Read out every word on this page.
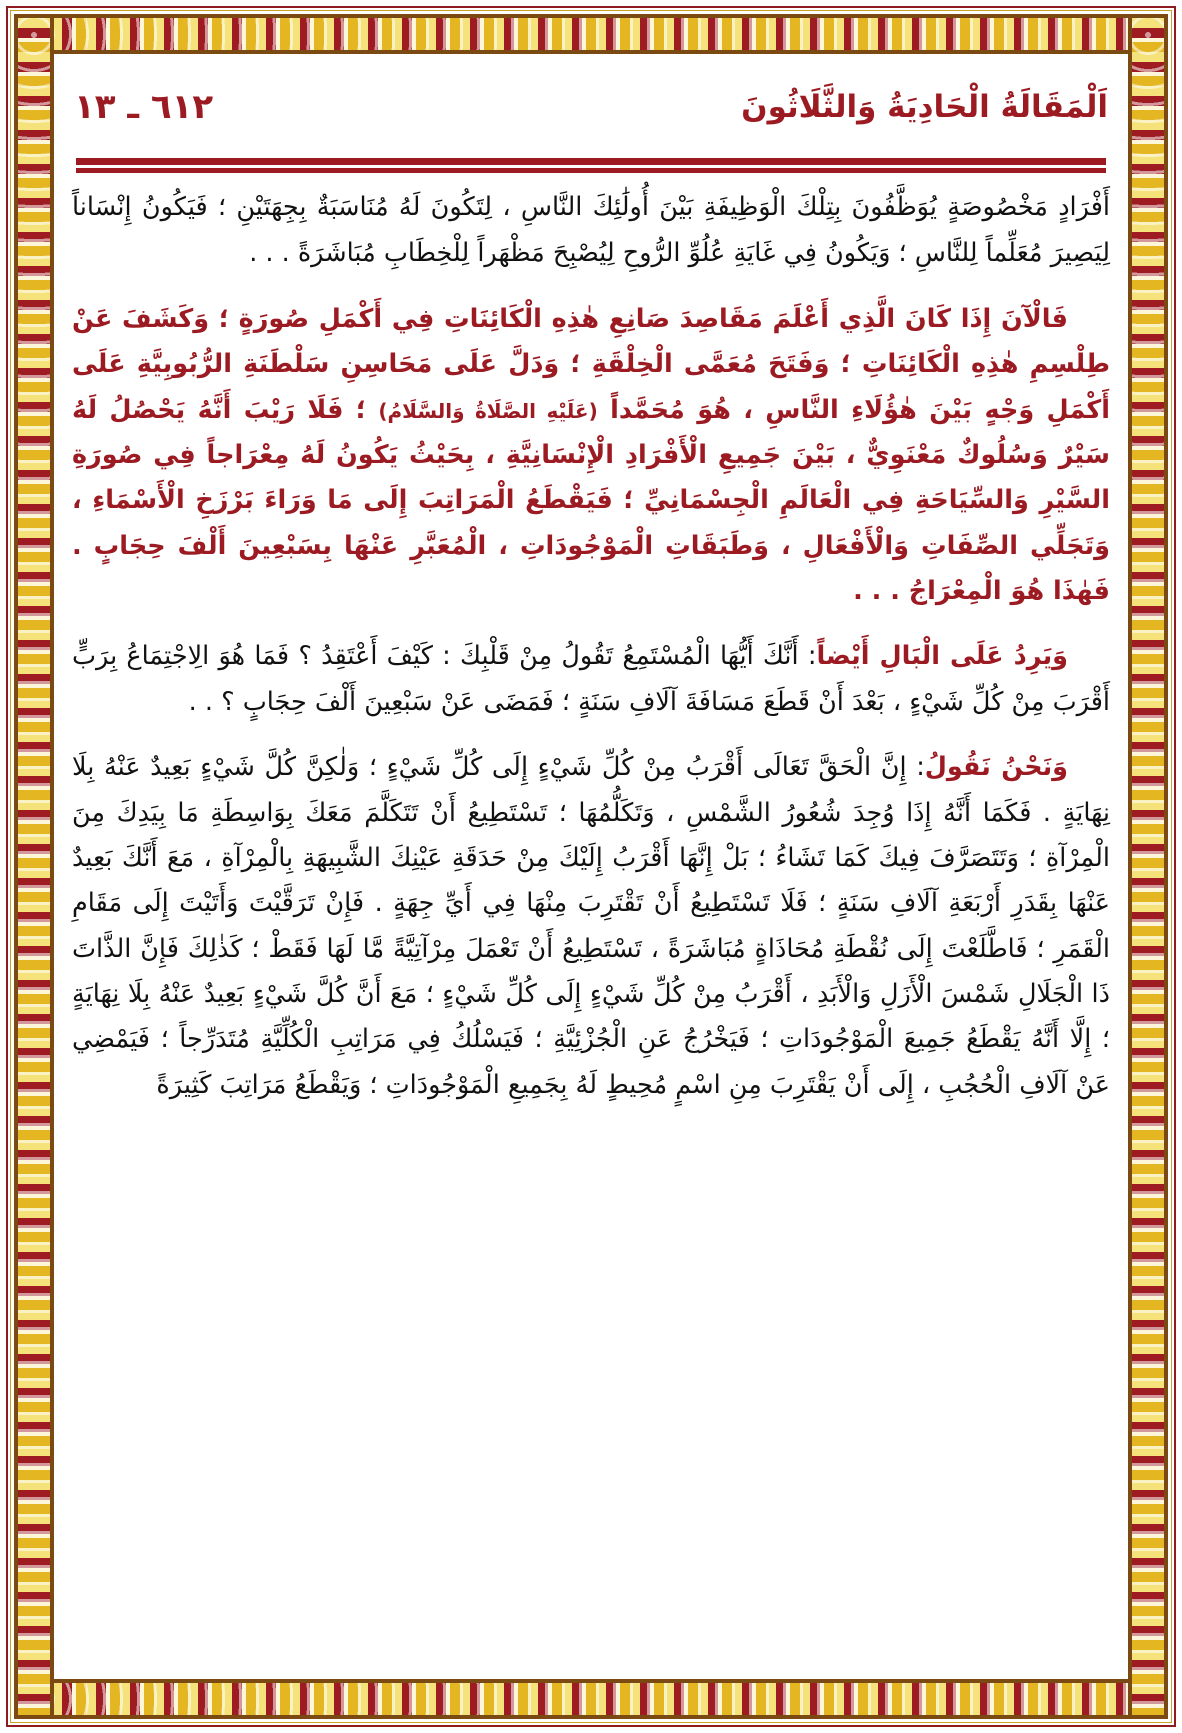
اَلْمَقَالَةُ الْحَادِيَةُ وَالثَّلَاثُونَ
٦١٢ ـ ١٣

أَفْرَادٍ مَخْصُوصَةٍ يُوَظَّفُونَ بِتِلْكَ الْوَظِيفَةِ بَيْنَ أُولَٰئِكَ النَّاسِ ، لِتَكُونَ لَهُ مُنَاسَبَةٌ بِجِهَتَيْنِ ؛ فَيَكُونُ إِنْسَاناً لِيَصِيرَ مُعَلِّماً لِلنَّاسِ ؛ وَيَكُونُ فِي غَايَةِ عُلُوِّ الرُّوحِ لِيُصْبِحَ مَظْهَراً لِلْخِطَابِ مُبَاشَرَةً . . .

فَالْآنَ إِذَا كَانَ الَّذِي أَعْلَمَ مَقَاصِدَ صَانِعِ هٰذِهِ الْكَائِنَاتِ فِي أَكْمَلِ صُورَةٍ ؛ وَكَشَفَ عَنْ طِلْسِمِ هٰذِهِ الْكَائِنَاتِ ؛ وَفَتَحَ مُعَمَّى الْخِلْقَةِ ؛ وَدَلَّ عَلَى مَحَاسِنِ سَلْطَنَةِ الرُّبُوبِيَّةِ عَلَى أَكْمَلِ وَجْهٍ بَيْنَ هٰؤُلَاءِ النَّاسِ ، هُوَ مُحَمَّداً (عَلَيْهِ الصَّلَاةُ وَالسَّلَامُ) ؛ فَلَا رَيْبَ أَنَّهُ يَحْصُلُ لَهُ سَيْرٌ وَسُلُوكٌ مَعْنَوِيٌّ ، بَيْنَ جَمِيعِ الْأَفْرَادِ الْإِنْسَانِيَّةِ ، بِحَيْثُ يَكُونُ لَهُ مِعْرَاجاً فِي صُورَةِ السَّيْرِ وَالسِّيَاحَةِ فِي الْعَالَمِ الْجِسْمَانِيِّ ؛ فَيَقْطَعُ الْمَرَاتِبَ إِلَى مَا وَرَاءَ بَرْزَخِ الْأَسْمَاءِ ، وَتَجَلِّي الصِّفَاتِ وَالْأَفْعَالِ ، وَطَبَقَاتِ الْمَوْجُودَاتِ ، الْمُعَبَّرِ عَنْهَا بِسَبْعِينَ أَلْفَ حِجَابٍ . فَهٰذَا هُوَ الْمِعْرَاجُ . . .

وَيَرِدُ عَلَى الْبَالِ أَيْضاً: أَنَّكَ أَيُّهَا الْمُسْتَمِعُ تَقُولُ مِنْ قَلْبِكَ : كَيْفَ أَعْتَقِدُ ؟ فَمَا هُوَ الِاجْتِمَاعُ بِرَبٍّ أَقْرَبَ مِنْ كُلِّ شَيْءٍ ، بَعْدَ أَنْ قَطَعَ مَسَافَةَ آلَافِ سَنَةٍ ؛ فَمَضَى عَنْ سَبْعِينَ أَلْفَ حِجَابٍ ؟ . .

وَنَحْنُ نَقُولُ: إِنَّ الْحَقَّ تَعَالَى أَقْرَبُ مِنْ كُلِّ شَيْءٍ إِلَى كُلِّ شَيْءٍ ؛ وَلٰكِنَّ كُلَّ شَيْءٍ بَعِيدٌ عَنْهُ بِلَا نِهَايَةٍ . فَكَمَا أَنَّهُ إِذَا وُجِدَ شُعُورُ الشَّمْسِ ، وَتَكَلُّمُهَا ؛ تَسْتَطِيعُ أَنْ تَتَكَلَّمَ مَعَكَ بِوَاسِطَةِ مَا بِيَدِكَ مِنَ الْمِرْآةِ ؛ وَتَتَصَرَّفَ فِيكَ كَمَا تَشَاءُ ؛ بَلْ إِنَّهَا أَقْرَبُ إِلَيْكَ مِنْ حَدَقَةِ عَيْنِكَ الشَّبِيهَةِ بِالْمِرْآةِ ، مَعَ أَنَّكَ بَعِيدٌ عَنْهَا بِقَدَرِ أَرْبَعَةِ آلَافِ سَنَةٍ ؛ فَلَا تَسْتَطِيعُ أَنْ تَقْتَرِبَ مِنْهَا فِي أَيِّ جِهَةٍ . فَإِنْ تَرَقَّيْتَ وَأَتَيْتَ إِلَى مَقَامِ الْقَمَرِ ؛ فَاطَّلَعْتَ إِلَى نُقْطَةِ مُحَاذَاةٍ مُبَاشَرَةً ، تَسْتَطِيعُ أَنْ تَعْمَلَ مِرْآتِيَّةً مَّا لَهَا فَقَطْ ؛ كَذٰلِكَ فَإِنَّ الذَّاتَ ذَا الْجَلَالِ شَمْسَ الْأَزَلِ وَالْأَبَدِ ، أَقْرَبُ مِنْ كُلِّ شَيْءٍ إِلَى كُلِّ شَيْءٍ ؛ مَعَ أَنَّ كُلَّ شَيْءٍ بَعِيدٌ عَنْهُ بِلَا نِهَايَةٍ ؛ إِلَّا أَنَّهُ يَقْطَعُ جَمِيعَ الْمَوْجُودَاتِ ؛ فَيَخْرُجُ عَنِ الْجُزْئِيَّةِ ؛ فَيَسْلُكُ فِي مَرَاتِبِ الْكُلِّيَّةِ مُتَدَرِّجاً ؛ فَيَمْضِي عَنْ آلَافِ الْحُجُبِ ، إِلَى أَنْ يَقْتَرِبَ مِنِ اسْمٍ مُحِيطٍ لَهُ بِجَمِيعِ الْمَوْجُودَاتِ ؛ وَيَقْطَعُ مَرَاتِبَ كَثِيرَةً
